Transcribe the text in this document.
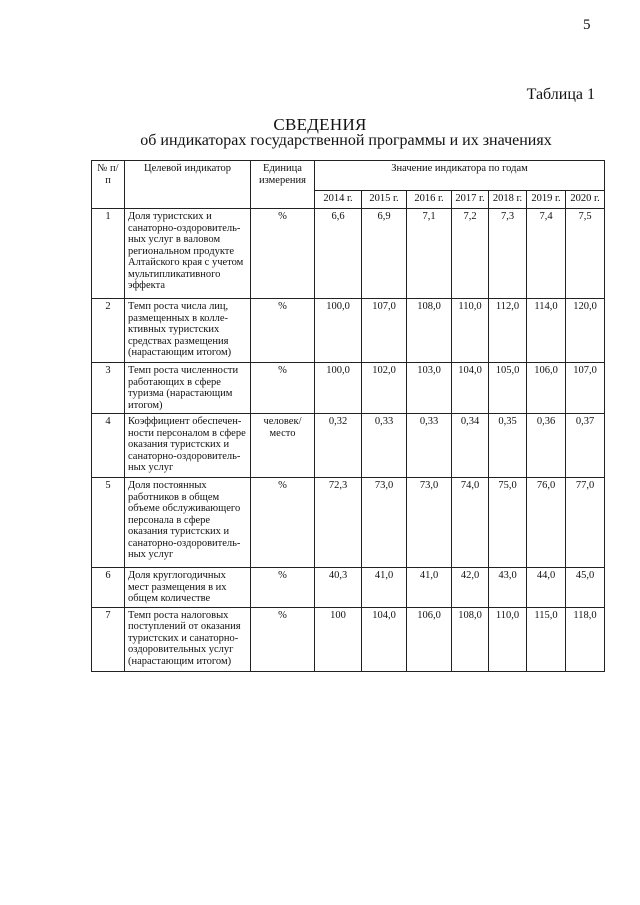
5
Таблица 1
СВЕДЕНИЯ
об индикаторах государственной программы и их значениях
№ п/п	Целевой индикатор	Единица измерения	Значение индикатора по годам						
			2014 г.	2015 г.	2016 г.	2017 г.	2018 г.	2019 г.	2020 г.
1	Доля туристских и санаторно-оздоровитель-ных услуг в валовом региональном продукте Алтайского края с учетом мультипликативного эффекта	%	6,6	6,9	7,1	7,2	7,3	7,4	7,5
2	Темп роста числа лиц, размещенных в колле-ктивных туристских средствах размещения (нарастающим итогом)	%	100,0	107,0	108,0	110,0	112,0	114,0	120,0
3	Темп роста численности работающих в сфере туризма (нарастающим итогом)	%	100,0	102,0	103,0	104,0	105,0	106,0	107,0
4	Коэффициент обеспечен-ности персоналом в сфере оказания туристских и санаторно-оздоровитель-ных услуг	человек/ место	0,32	0,33	0,33	0,34	0,35	0,36	0,37
5	Доля постоянных работников в общем объеме обслуживающего персонала в сфере оказания туристских и санаторно-оздоровитель-ных услуг	%	72,3	73,0	73,0	74,0	75,0	76,0	77,0
6	Доля круглогодичных мест размещения в их общем количестве	%	40,3	41,0	41,0	42,0	43,0	44,0	45,0
7	Темп роста налоговых поступлений от оказания туристских и санаторно-оздоровительных услуг (нарастающим итогом)	%	100	104,0	106,0	108,0	110,0	115,0	118,0
